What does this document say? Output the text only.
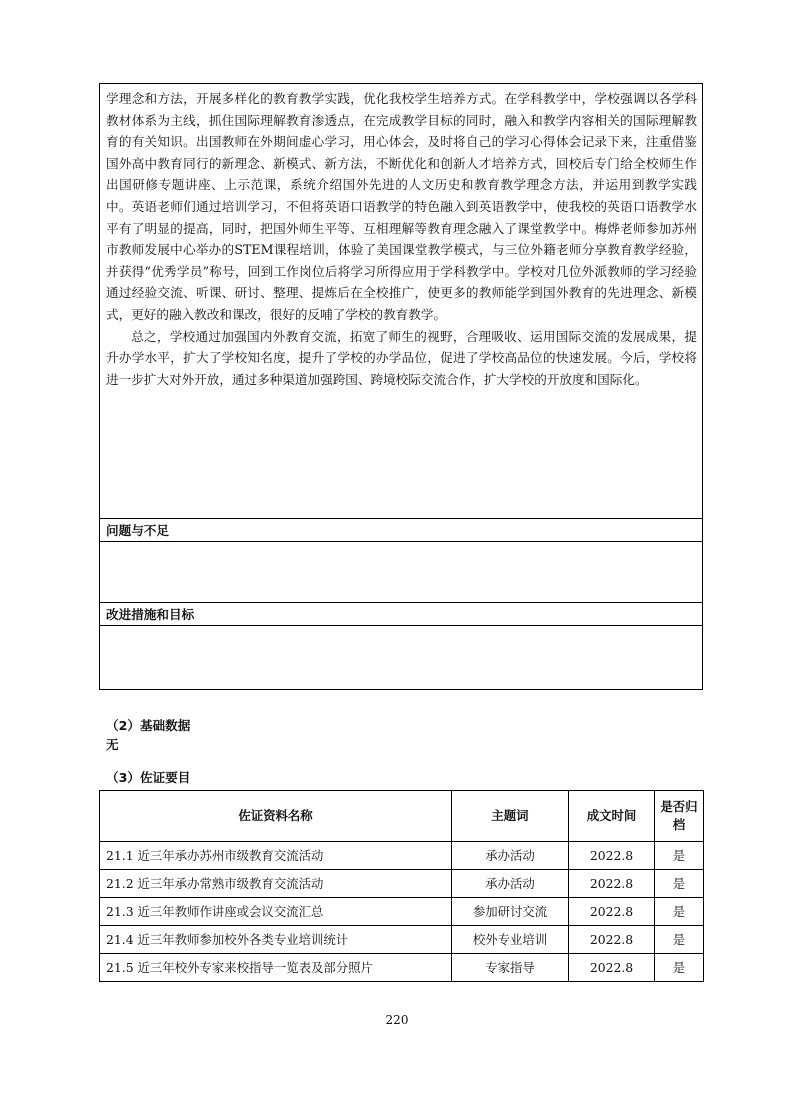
学理念和方法，开展多样化的教育教学实践，优化我校学生培养方式。在学科教学中，学校强调以各学科教材体系为主线，抓住国际理解教育渗透点，在完成教学目标的同时，融入和教学内容相关的国际理解教育的有关知识。出国教师在外期间虚心学习，用心体会，及时将自己的学习心得体会记录下来，注重借鉴国外高中教育同行的新理念、新模式、新方法，不断优化和创新人才培养方式，回校后专门给全校师生作出国研修专题讲座、上示范课，系统介绍国外先进的人文历史和教育教学理念方法，并运用到教学实践中。英语老师们通过培训学习，不但将英语口语教学的特色融入到英语教学中，使我校的英语口语教学水平有了明显的提高，同时，把国外师生平等、互相理解等教育理念融入了课堂教学中。梅烨老师参加苏州市教师发展中心举办的STEM课程培训，体验了美国课堂教学模式，与三位外籍老师分享教育教学经验，并获得“优秀学员”称号，回到工作岗位后将学习所得应用于学科教学中。学校对几位外派教师的学习经验通过经验交流、听课、研讨、整理、提炼后在全校推广，使更多的教师能学到国外教育的先进理念、新模式，更好的融入教改和课改，很好的反哺了学校的教育教学。

总之，学校通过加强国内外教育交流，拓宽了师生的视野，合理吸收、运用国际交流的发展成果，提升办学水平，扩大了学校知名度，提升了学校的办学品位，促进了学校高品位的快速发展。今后，学校将进一步扩大对外开放，通过多种渠道加强跨国、跨境校际交流合作，扩大学校的开放度和国际化。

问题与不足
改进措施和目标
（2）基础数据
无
（3）佐证要目
佐证资料名称	主题词	成文时间	是否归档
21.1 近三年承办苏州市级教育交流活动	承办活动	2022.8	是
21.2 近三年承办常熟市级教育交流活动	承办活动	2022.8	是
21.3 近三年教师作讲座或会议交流汇总	参加研讨交流	2022.8	是
21.4 近三年教师参加校外各类专业培训统计	校外专业培训	2022.8	是
21.5 近三年校外专家来校指导一览表及部分照片	专家指导	2022.8	是
220
